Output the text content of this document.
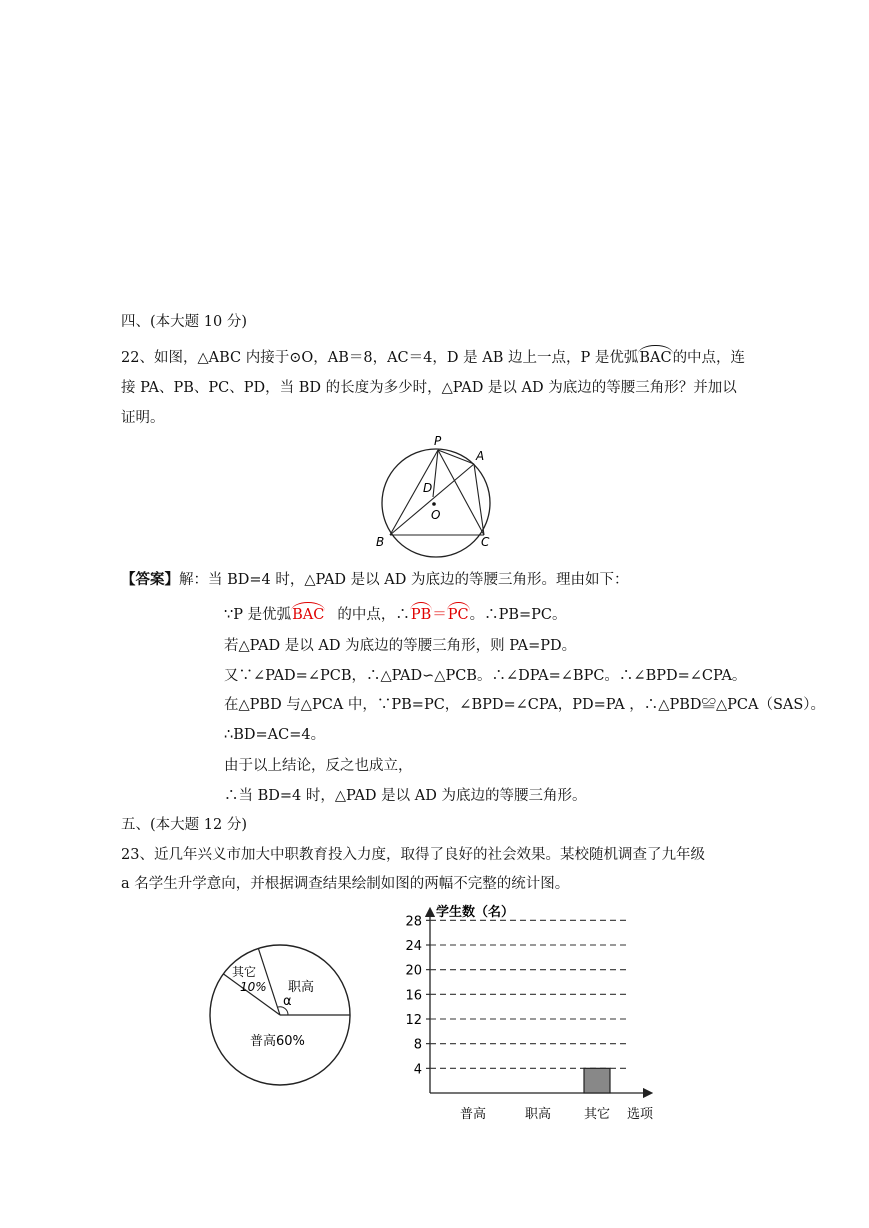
四、(本大题 10 分)
22、如图，△ABC 内接于⊙O，AB＝8，AC＝4，D 是 AB 边上一点，P 是优弧BAC的中点，连
接 PA、PB、PC、PD，当 BD 的长度为多少时，△PAD 是以 AD 为底边的等腰三角形？并加以
证明。
P
A
D
O
B	C
【答案】解：当 BD=4 时，△PAD 是以 AD 为底边的等腰三角形。理由如下：
∵P 是优弧BAC 的中点，∴PB＝PC。∴PB=PC。
若△PAD 是以 AD 为底边的等腰三角形，则 PA=PD。
又∵∠PAD=∠PCB，∴△PAD∽△PCB。∴∠DPA=∠BPC。∴∠BPD=∠CPA。
在△PBD 与△PCA 中，∵PB=PC，∠BPD=∠CPA，PD=PA ，∴△PBD≌△PCA（SAS）。
∴BD=AC=4。
由于以上结论，反之也成立，
∴当 BD=4 时，△PAD 是以 AD 为底边的等腰三角形。
五、(本大题 12 分)
23、近几年兴义市加大中职教育投入力度，取得了良好的社会效果。某校随机调查了九年级
a 名学生升学意向，并根据调查结果绘制如图的两幅不完整的统计图。
其它
10% 职高
α
普高60%
学生数（名）
4
8
12
16
20
24
28
普高	职高	其它 选项
